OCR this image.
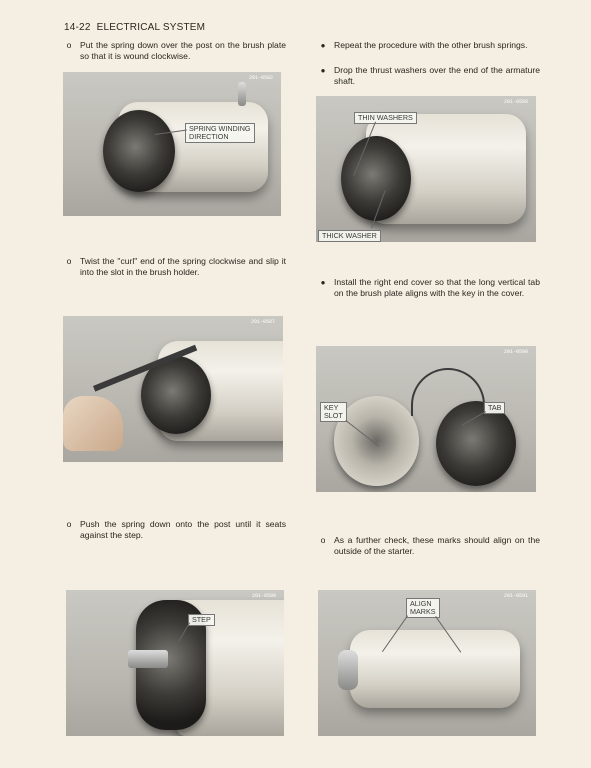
14-22 ELECTRICAL SYSTEM
o	Put the spring down over the post on the brush plate so that it is wound clockwise.
201-0582
SPRING WINDING
DIRECTION
o	Twist the "curl" end of the spring clockwise and slip it into the slot in the brush holder.
201-0587
o	Push the spring down onto the post until it seats against the step.
201-0580
STEP
● Repeat the procedure with the other brush springs.
● Drop the thrust washers over the end of the armature shaft.
201-0588
THIN WASHERS
THICK WASHER
● Install the right end cover so that the long vertical tab on the brush plate aligns with the key in the cover.
201-0590
KEY
SLOT
TAB
o	As a further check, these marks should align on the outside of the starter.
201-0591
ALIGN
MARKS
